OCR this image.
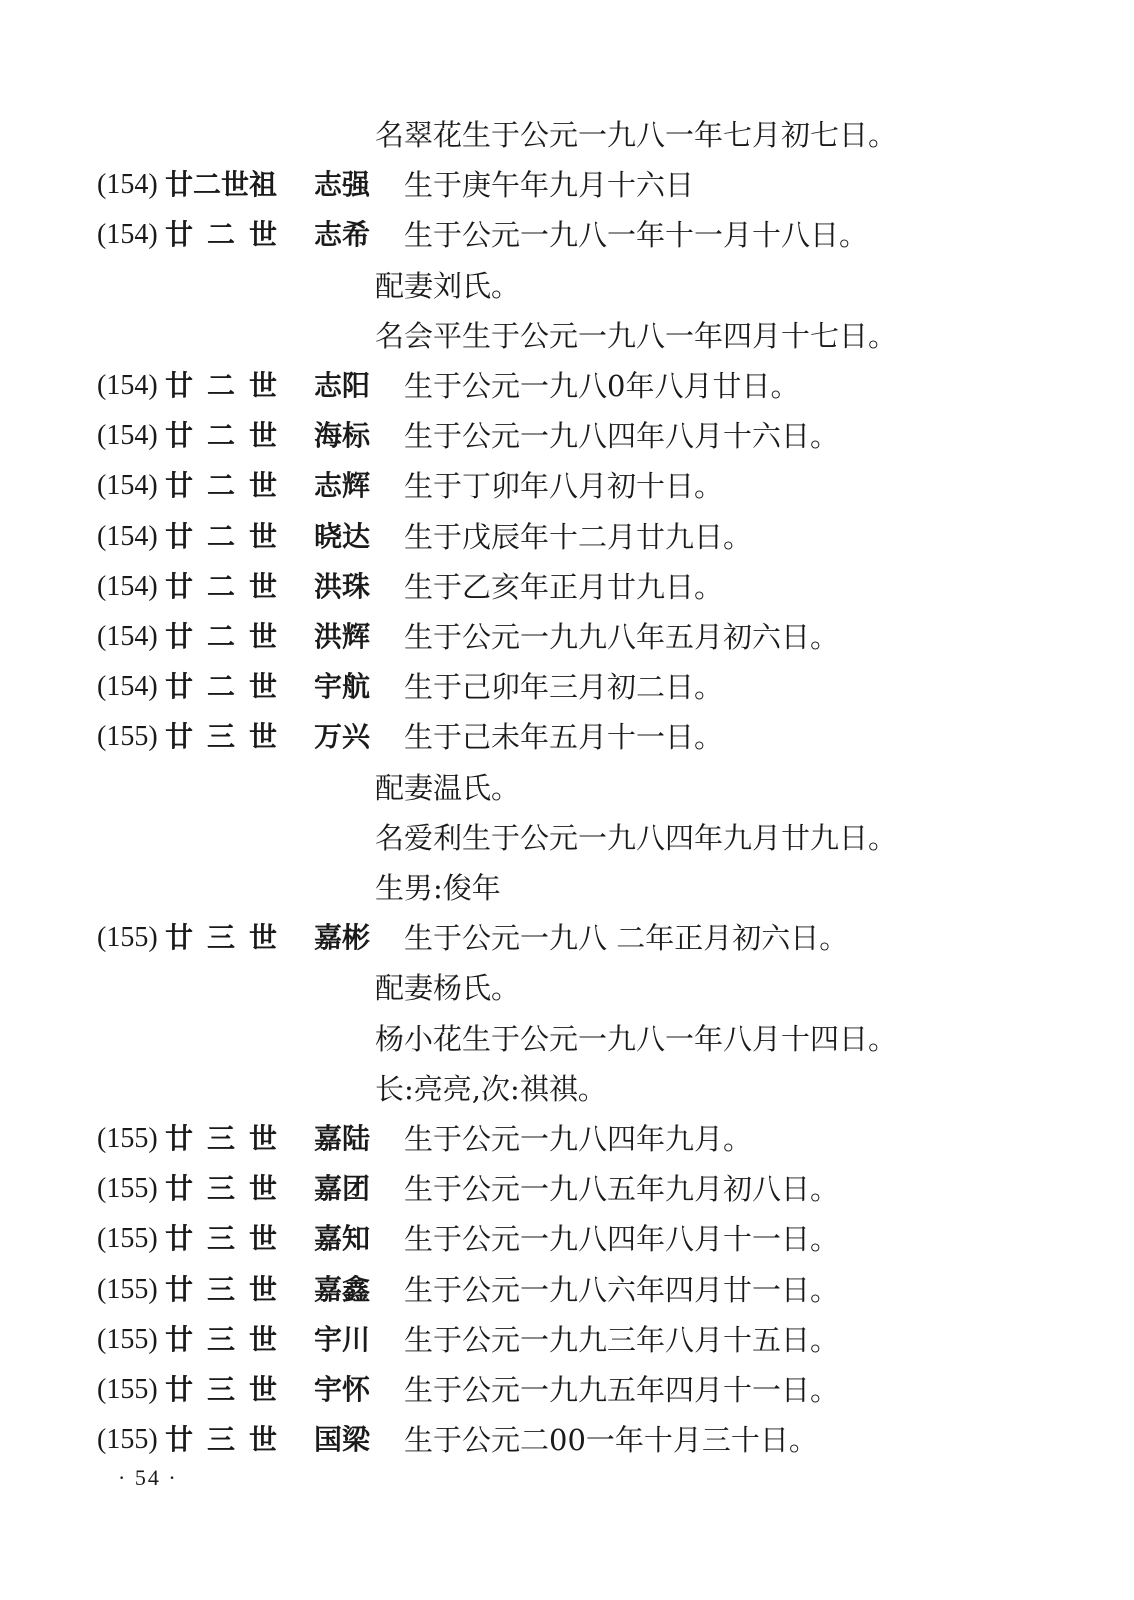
名翠花生于公元一九八一年七月初七日。
(154) 廿二世祖 志强 生于庚午年九月十六日
(154) 廿二世 志希 生于公元一九八一年十一月十八日。
配妻刘氏。
名会平生于公元一九八一年四月十七日。
(154) 廿二世 志阳 生于公元一九八0年八月廿日。
(154) 廿二世 海标 生于公元一九八四年八月十六日。
(154) 廿二世 志辉 生于丁卯年八月初十日。
(154) 廿二世 晓达 生于戊辰年十二月廿九日。
(154) 廿二世 洪珠 生于乙亥年正月廿九日。
(154) 廿二世 洪辉 生于公元一九九八年五月初六日。
(154) 廿二世 宇航 生于己卯年三月初二日。
(155) 廿三世 万兴 生于己未年五月十一日。
配妻温氏。
名爱利生于公元一九八四年九月廿九日。
生男:俊年
(155) 廿三世 嘉彬 生于公元一九八 二年正月初六日。
配妻杨氏。
杨小花生于公元一九八一年八月十四日。
长:亮亮,次:祺祺。
(155) 廿三世 嘉陆 生于公元一九八四年九月。
(155) 廿三世 嘉团 生于公元一九八五年九月初八日。
(155) 廿三世 嘉知 生于公元一九八四年八月十一日。
(155) 廿三世 嘉鑫 生于公元一九八六年四月廿一日。
(155) 廿三世 宇川 生于公元一九九三年八月十五日。
(155) 廿三世 宇怀 生于公元一九九五年四月十一日。
(155) 廿三世 国梁 生于公元二00一年十月三十日。
· 54 ·
